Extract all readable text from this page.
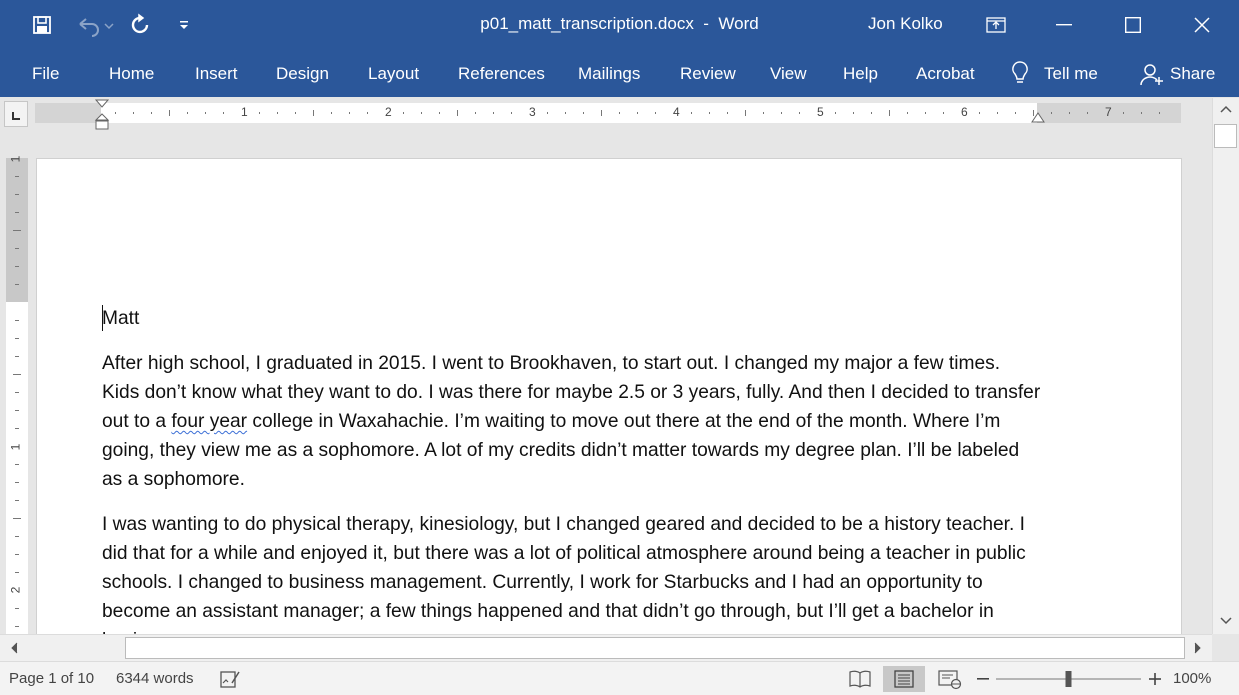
p01_matt_transcription.docx  -  Word	Jon Kolko
File	Home Insert Design Layout References Mailings Review View Help Acrobat	Tell me	Share
1	2	3	4	5	6	7
1
1
2

Matt

After high school, I graduated in 2015. I went to Brookhaven, to start out. I changed my major a few times. Kids don’t know what they want to do. I was there for maybe 2.5 or 3 years, fully. And then I decided to transfer out to a four year college in Waxahachie. I’m waiting to move out there at the end of the month. Where I’m going, they view me as a sophomore. A lot of my credits didn’t matter towards my degree plan. I’ll be labeled as a sophomore.

I was wanting to do physical therapy, kinesiology, but I changed geared and decided to be a history teacher. I did that for a while and enjoyed it, but there was a lot of political atmosphere around being a teacher in public schools. I changed to business management. Currently, I work for Starbucks and I had an opportunity to become an assistant manager; a few things happened and that didn’t go through, but I’ll get a bachelor in

Page 1 of 10 6344 words	100%
